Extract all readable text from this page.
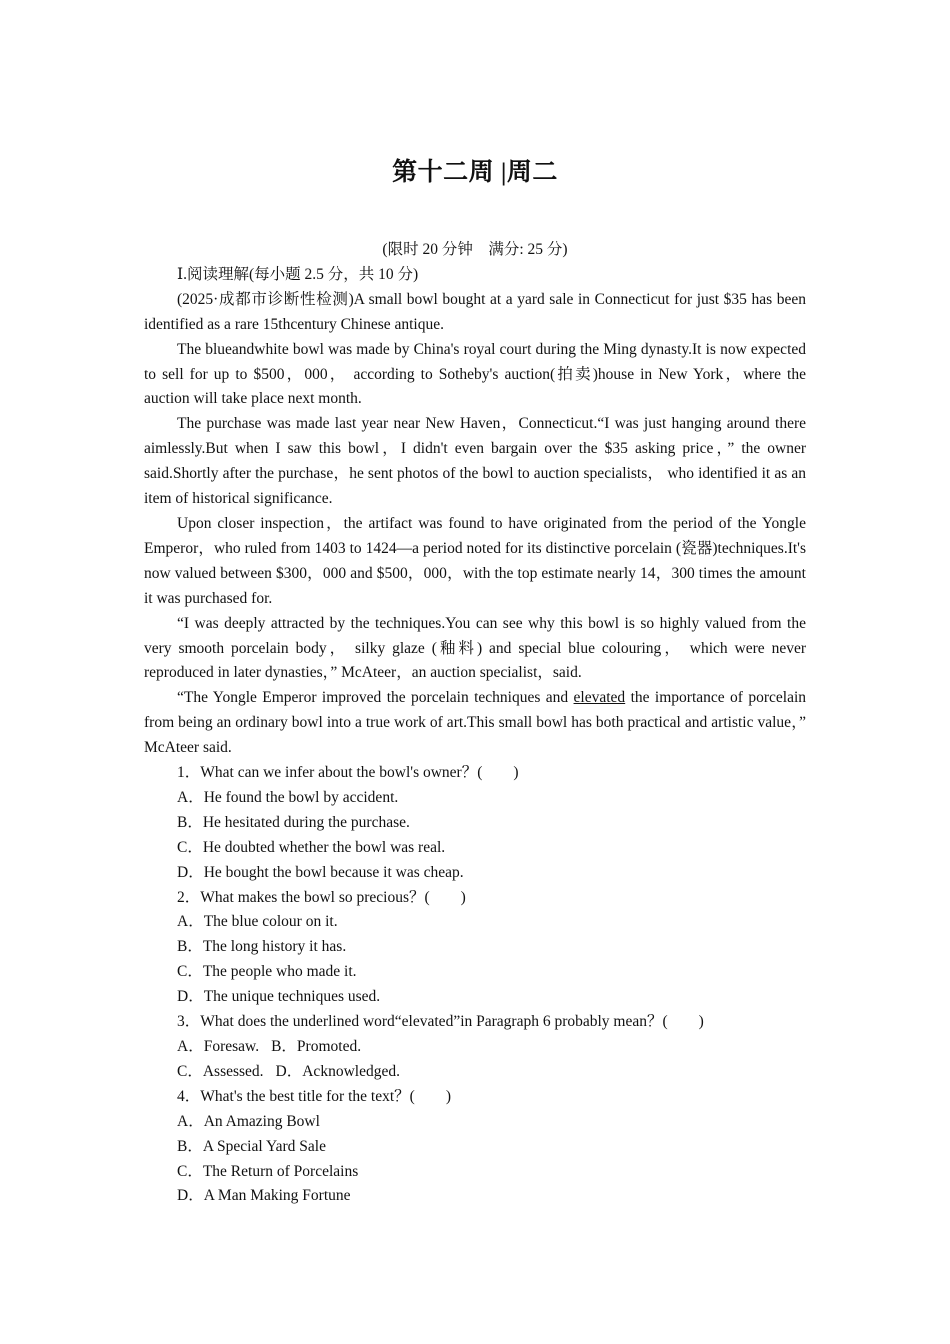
第十二周 |周二

(限时 20 分钟　满分: 25 分)

Ⅰ.阅读理解(每小题 2.5 分，共 10 分)

(2025·成都市诊断性检测)A small bowl bought at a yard sale in Connecticut for just $35 has been identified as a rare 15thcentury Chinese antique.

The blueandwhite bowl was made by China's royal court during the Ming dynasty.It is now expected to sell for up to $500，000， according to Sotheby's auction(拍卖)house in New York，where the auction will take place next month.

The purchase was made last year near New Haven，Connecticut.“I was just hanging around there aimlessly.But when I saw this bowl，I didn't even bargain over the $35 asking price，” the owner said.Shortly after the purchase，he sent photos of the bowl to auction specialists， who identified it as an item of historical significance.

Upon closer inspection，the artifact was found to have originated from the period of the Yongle Emperor，who ruled from 1403 to 1424—a period noted for its distinctive porcelain (瓷器)techniques.It's now valued between $300，000 and $500，000，with the top estimate nearly 14，300 times the amount it was purchased for.

“I was deeply attracted by the techniques.You can see why this bowl is so highly valued from the very smooth porcelain body， silky glaze (釉料) and special blue colouring， which were never reproduced in later dynasties，” McAteer，an auction specialist，said.

“The Yongle Emperor improved the porcelain techniques and elevated the importance of porcelain from being an ordinary bowl into a true work of art.This small bowl has both practical and artistic value，” McAteer said.

1．What can we infer about the bowl's owner？(　　)
A．He found the bowl by accident.
B．He hesitated during the purchase.
C．He doubted whether the bowl was real.
D．He bought the bowl because it was cheap.
2．What makes the bowl so precious？(　　)
A．The blue colour on it.
B．The long history it has.
C．The people who made it.
D．The unique techniques used.
3．What does the underlined word“elevated”in Paragraph 6 probably mean？(　　)
A．Foresaw. B．Promoted.
C．Assessed. D．Acknowledged.
4．What's the best title for the text？(　　)
A．An Amazing Bowl
B．A Special Yard Sale
C．The Return of Porcelains
D．A Man Making Fortune
